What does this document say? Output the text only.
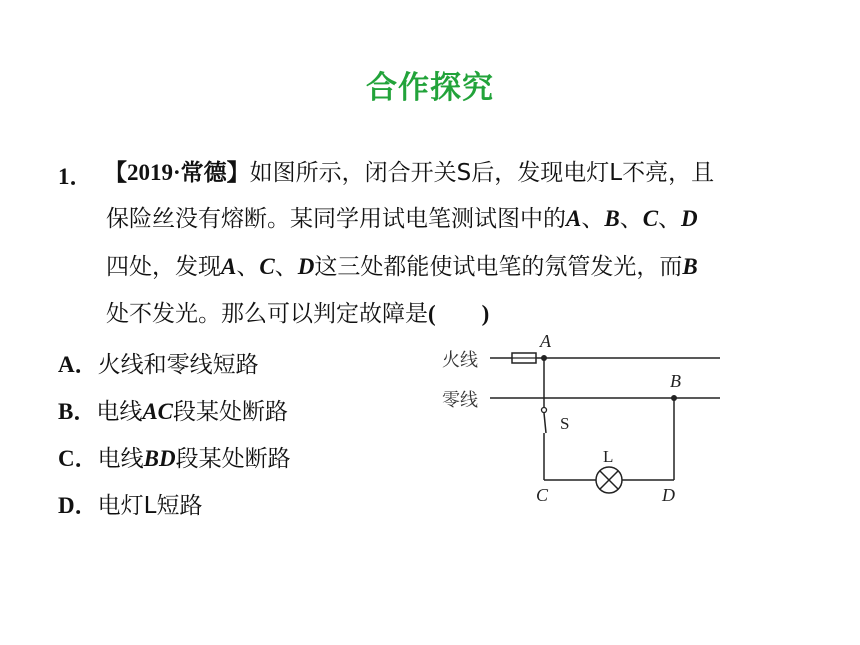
合作探究
1． 【2019·常德】如图所示，闭合开关S后，发现电灯L不亮，且
保险丝没有熔断。某同学用试电笔测试图中的A、B、C、D
四处，发现A、C、D这三处都能使试电笔的氖管发光，而B
处不发光。那么可以判定故障是(　　)
A．火线和零线短路
B．电线AC段某处断路
C．电线BD段某处断路
D．电灯L短路
火线
零线
A
B
C	D
S
L
